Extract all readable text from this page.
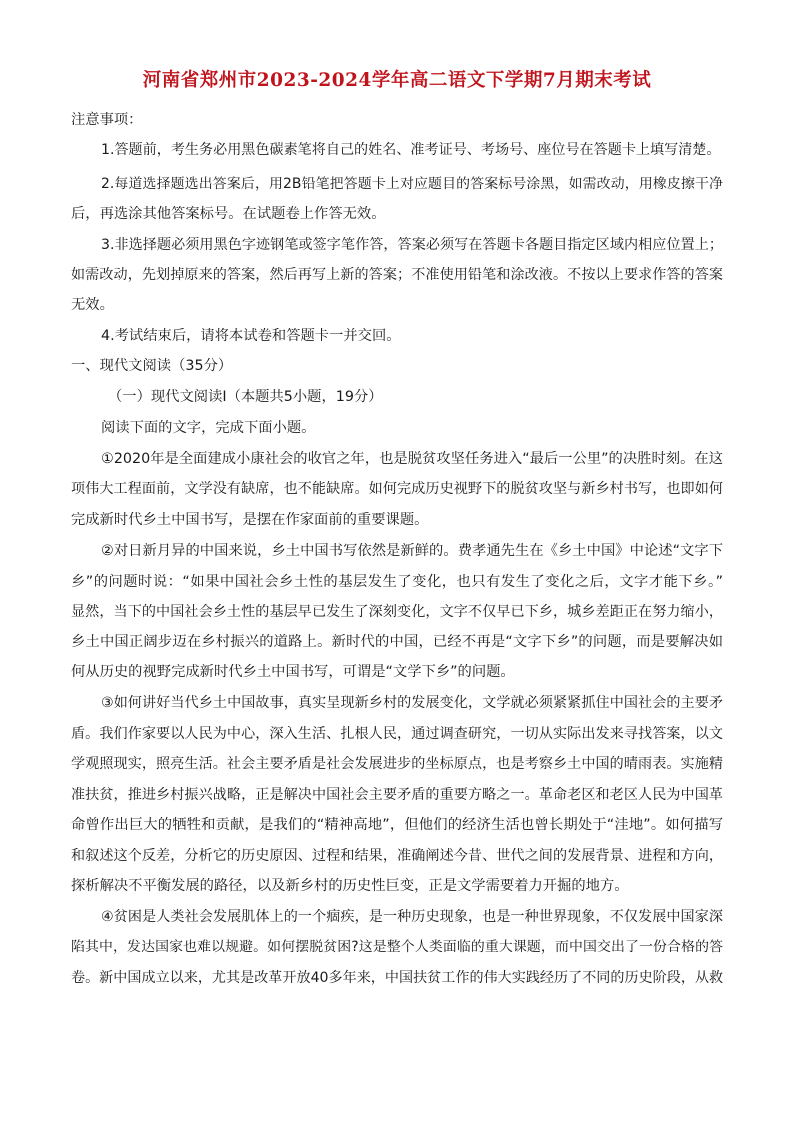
河南省郑州市2023-2024学年高二语文下学期7月期末考试
注意事项：
1.答题前，考生务必用黑色碳素笔将自己的姓名、准考证号、考场号、座位号在答题卡上填写清楚。
2.每道选择题选出答案后，用2B铅笔把答题卡上对应题目的答案标号涂黑，如需改动，用橡皮擦干净
后，再选涂其他答案标号。在试题卷上作答无效。
3.非选择题必须用黑色字迹钢笔或签字笔作答，答案必须写在答题卡各题目指定区域内相应位置上；
如需改动，先划掉原来的答案，然后再写上新的答案；不准使用铅笔和涂改液。不按以上要求作答的答案
无效。
4.考试结束后，请将本试卷和答题卡一并交回。
一、现代文阅读（35分）
（一）现代文阅读Ⅰ（本题共5小题，19分）
阅读下面的文字，完成下面小题。
①2020年是全面建成小康社会的收官之年，也是脱贫攻坚任务进入“最后一公里”的决胜时刻。在这
项伟大工程面前，文学没有缺席，也不能缺席。如何完成历史视野下的脱贫攻坚与新乡村书写，也即如何
完成新时代乡土中国书写，是摆在作家面前的重要课题。
②对日新月异的中国来说，乡土中国书写依然是新鲜的。费孝通先生在《乡土中国》中论述“文字下
乡”的问题时说：“如果中国社会乡土性的基层发生了变化，也只有发生了变化之后，文字才能下乡。”
显然，当下的中国社会乡土性的基层早已发生了深刻变化，文字不仅早已下乡，城乡差距正在努力缩小，
乡土中国正阔步迈在乡村振兴的道路上。新时代的中国，已经不再是“文字下乡”的问题，而是要解决如
何从历史的视野完成新时代乡土中国书写，可谓是“文学下乡”的问题。
③如何讲好当代乡土中国故事，真实呈现新乡村的发展变化，文学就必须紧紧抓住中国社会的主要矛
盾。我们作家要以人民为中心，深入生活、扎根人民，通过调查研究，一切从实际出发来寻找答案，以文
学观照现实，照亮生活。社会主要矛盾是社会发展进步的坐标原点，也是考察乡土中国的晴雨表。实施精
准扶贫，推进乡村振兴战略，正是解决中国社会主要矛盾的重要方略之一。革命老区和老区人民为中国革
命曾作出巨大的牺牲和贡献，是我们的“精神高地”，但他们的经济生活也曾长期处于“洼地”。如何描写
和叙述这个反差，分析它的历史原因、过程和结果，准确阐述今昔、世代之间的发展背景、进程和方向，
探析解决不平衡发展的路径，以及新乡村的历史性巨变，正是文学需要着力开掘的地方。
④贫困是人类社会发展肌体上的一个痼疾，是一种历史现象，也是一种世界现象，不仅发展中国家深
陷其中，发达国家也难以规避。如何摆脱贫困?这是整个人类面临的重大课题，而中国交出了一份合格的答
卷。新中国成立以来，尤其是改革开放40多年来，中国扶贫工作的伟大实践经历了不同的历史阶段，从救
